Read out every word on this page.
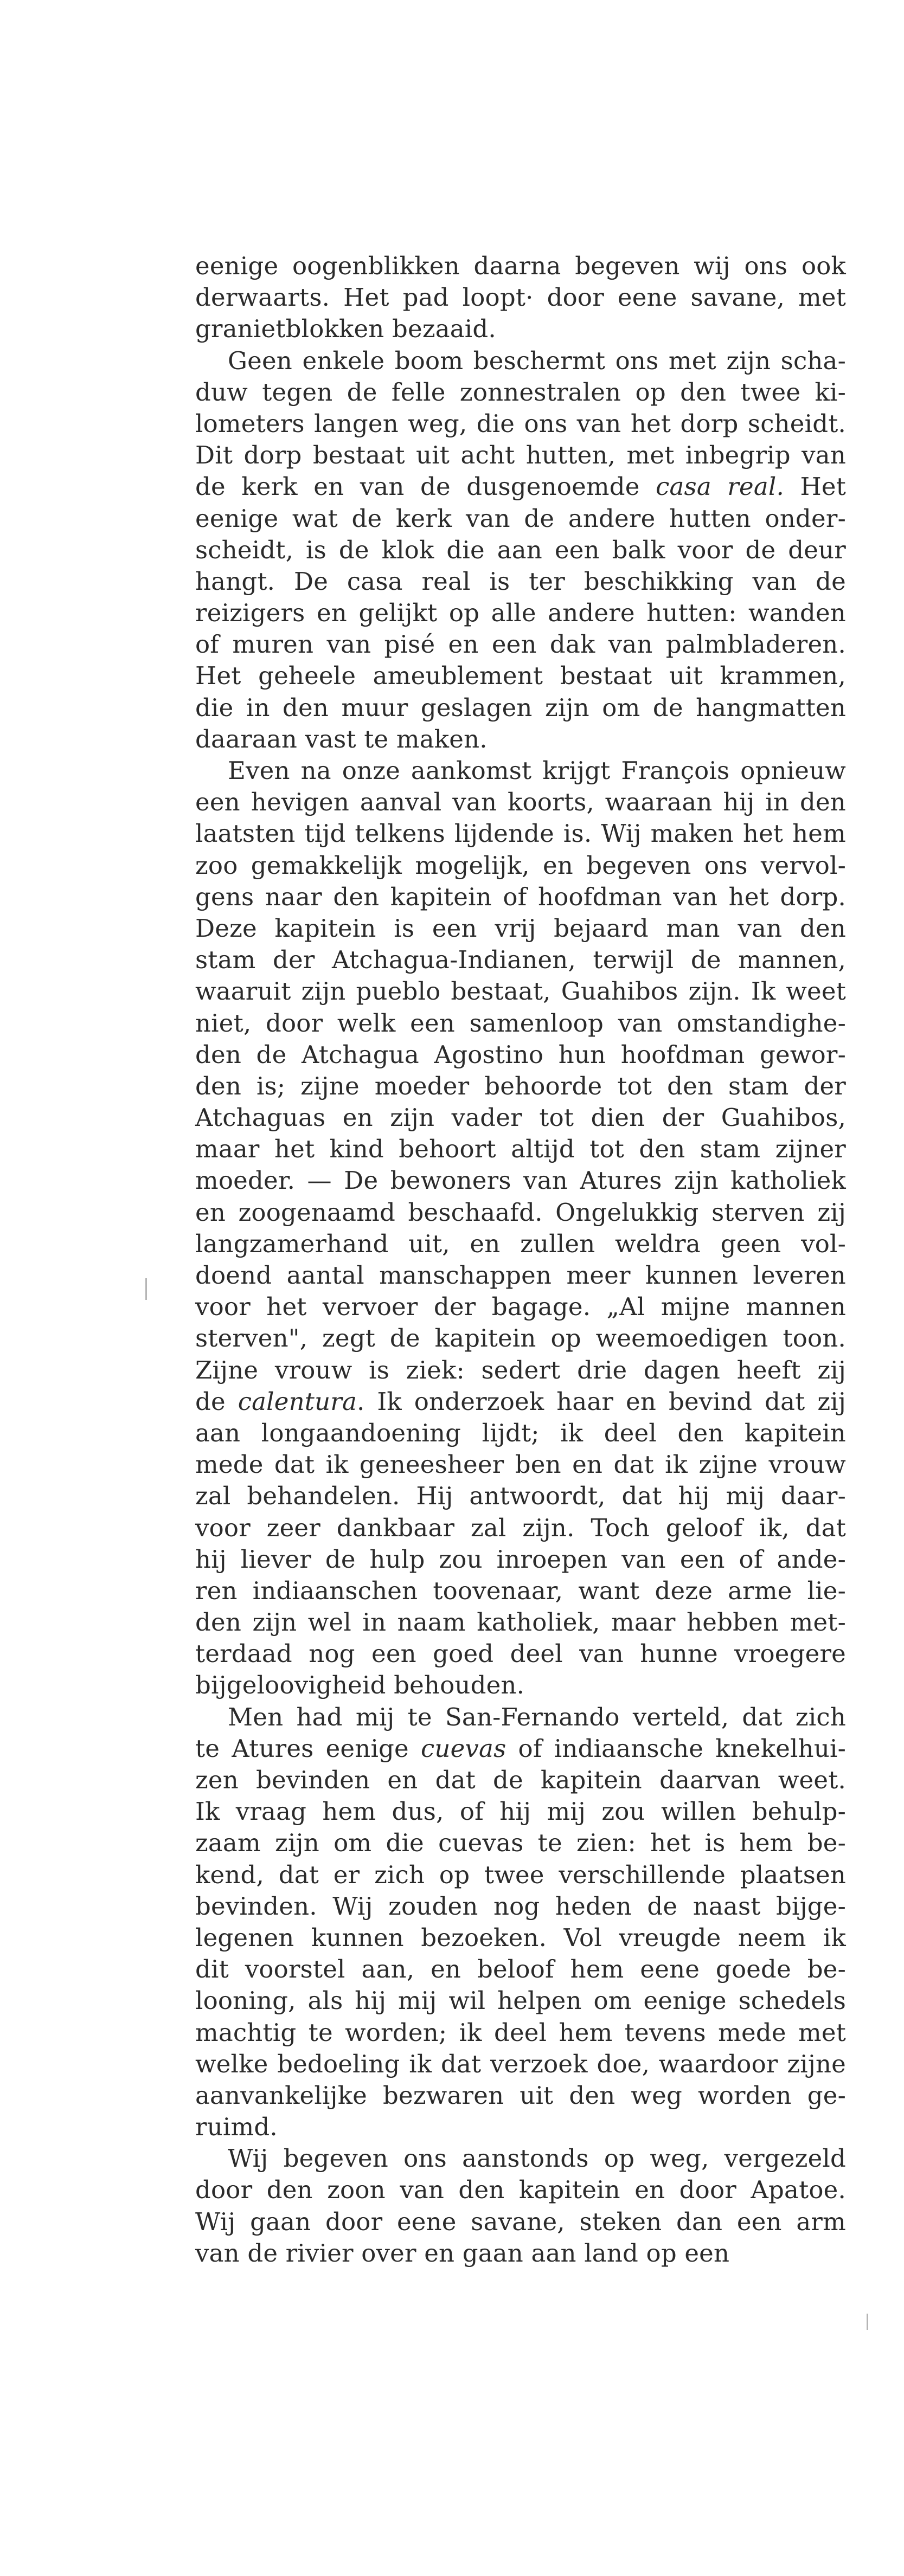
eenige oogenblikken daarna begeven wij ons ook
derwaarts. Het pad loopt· door eene savane, met
granietblokken bezaaid.
Geen enkele boom beschermt ons met zijn scha-
duw tegen de felle zonnestralen op den twee ki-
lometers langen weg, die ons van het dorp scheidt.
Dit dorp bestaat uit acht hutten, met inbegrip van
de kerk en van de dusgenoemde casa real. Het
eenige wat de kerk van de andere hutten onder-
scheidt, is de klok die aan een balk voor de deur
hangt. De casa real is ter beschikking van de
reizigers en gelijkt op alle andere hutten: wanden
of muren van pisé en een dak van palmbladeren.
Het geheele ameublement bestaat uit krammen,
die in den muur geslagen zijn om de hangmatten
daaraan vast te maken.
Even na onze aankomst krijgt François opnieuw
een hevigen aanval van koorts, waaraan hij in den
laatsten tijd telkens lijdende is. Wij maken het hem
zoo gemakkelijk mogelijk, en begeven ons vervol-
gens naar den kapitein of hoofdman van het dorp.
Deze kapitein is een vrij bejaard man van den
stam der Atchagua-Indianen, terwijl de mannen,
waaruit zijn pueblo bestaat, Guahibos zijn. Ik weet
niet, door welk een samenloop van omstandighe-
den de Atchagua Agostino hun hoofdman gewor-
den is; zijne moeder behoorde tot den stam der
Atchaguas en zijn vader tot dien der Guahibos,
maar het kind behoort altijd tot den stam zijner
moeder. — De bewoners van Atures zijn katholiek
en zoogenaamd beschaafd. Ongelukkig sterven zij
langzamerhand uit, en zullen weldra geen vol-
doend aantal manschappen meer kunnen leveren
voor het vervoer der bagage. „Al mijne mannen
sterven", zegt de kapitein op weemoedigen toon.
Zijne vrouw is ziek: sedert drie dagen heeft zij
de calentura. Ik onderzoek haar en bevind dat zij
aan longaandoening lijdt; ik deel den kapitein
mede dat ik geneesheer ben en dat ik zijne vrouw
zal behandelen. Hij antwoordt, dat hij mij daar-
voor zeer dankbaar zal zijn. Toch geloof ik, dat
hij liever de hulp zou inroepen van een of ande-
ren indiaanschen toovenaar, want deze arme lie-
den zijn wel in naam katholiek, maar hebben met-
terdaad nog een goed deel van hunne vroegere
bijgeloovigheid behouden.
Men had mij te San-Fernando verteld, dat zich
te Atures eenige cuevas of indiaansche knekelhui-
zen bevinden en dat de kapitein daarvan weet.
Ik vraag hem dus, of hij mij zou willen behulp-
zaam zijn om die cuevas te zien: het is hem be-
kend, dat er zich op twee verschillende plaatsen
bevinden. Wij zouden nog heden de naast bijge-
legenen kunnen bezoeken. Vol vreugde neem ik
dit voorstel aan, en beloof hem eene goede be-
looning, als hij mij wil helpen om eenige schedels
machtig te worden; ik deel hem tevens mede met
welke bedoeling ik dat verzoek doe, waardoor zijne
aanvankelijke bezwaren uit den weg worden ge-
ruimd.
Wij begeven ons aanstonds op weg, vergezeld
door den zoon van den kapitein en door Apatoe.
Wij gaan door eene savane, steken dan een arm
van de rivier over en gaan aan land op een
